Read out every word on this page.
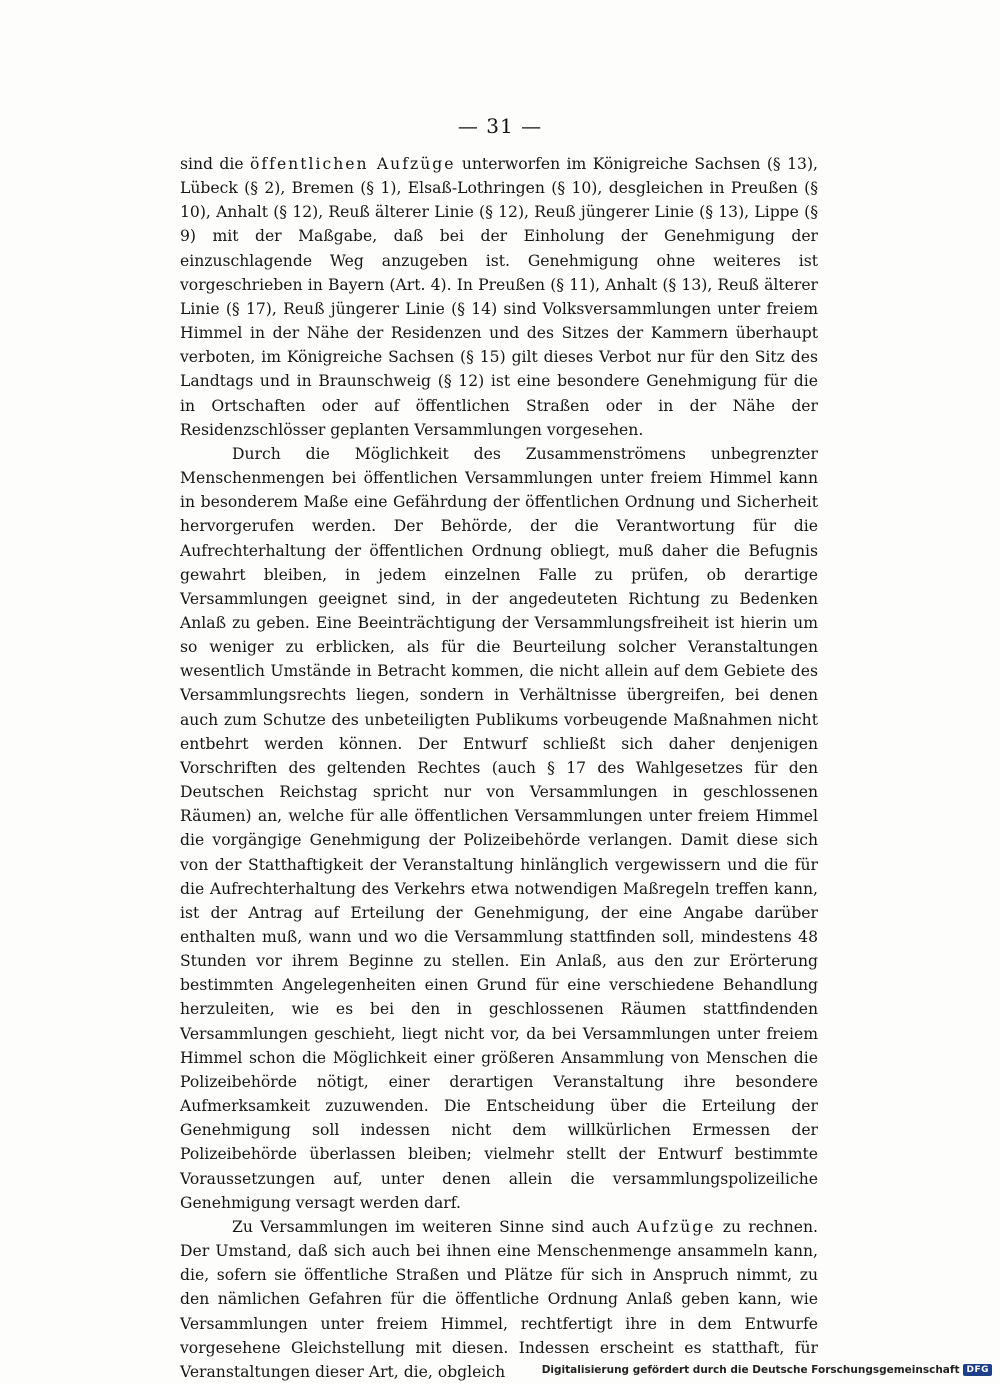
— 31 —

sind die öffentlichen Aufzüge unterworfen im Königreiche Sachsen (§ 13), Lübeck (§ 2), Bremen (§ 1), Elsaß-Lothringen (§ 10), desgleichen in Preußen (§ 10), Anhalt (§ 12), Reuß älterer Linie (§ 12), Reuß jüngerer Linie (§ 13), Lippe (§ 9) mit der Maßgabe, daß bei der Einholung der Genehmigung der einzuschlagende Weg anzugeben ist. Genehmigung ohne weiteres ist vorgeschrieben in Bayern (Art. 4). In Preußen (§ 11), Anhalt (§ 13), Reuß älterer Linie (§ 17), Reuß jüngerer Linie (§ 14) sind Volksversammlungen unter freiem Himmel in der Nähe der Residenzen und des Sitzes der Kammern überhaupt verboten, im Königreiche Sachsen (§ 15) gilt dieses Verbot nur für den Sitz des Landtags und in Braunschweig (§ 12) ist eine besondere Genehmigung für die in Ortschaften oder auf öffentlichen Straßen oder in der Nähe der Residenzschlösser geplanten Versammlungen vorgesehen.

Durch die Möglichkeit des Zusammenströmens unbegrenzter Menschenmengen bei öffentlichen Versammlungen unter freiem Himmel kann in besonderem Maße eine Gefährdung der öffentlichen Ordnung und Sicherheit hervorgerufen werden. Der Behörde, der die Verantwortung für die Aufrechterhaltung der öffentlichen Ordnung obliegt, muß daher die Befugnis gewahrt bleiben, in jedem einzelnen Falle zu prüfen, ob derartige Versammlungen geeignet sind, in der angedeuteten Richtung zu Bedenken Anlaß zu geben. Eine Beeinträchtigung der Versammlungsfreiheit ist hierin um so weniger zu erblicken, als für die Beurteilung solcher Veranstaltungen wesentlich Umstände in Betracht kommen, die nicht allein auf dem Gebiete des Versammlungsrechts liegen, sondern in Verhältnisse übergreifen, bei denen auch zum Schutze des unbeteiligten Publikums vorbeugende Maßnahmen nicht entbehrt werden können. Der Entwurf schließt sich daher denjenigen Vorschriften des geltenden Rechtes (auch § 17 des Wahlgesetzes für den Deutschen Reichstag spricht nur von Versammlungen in geschlossenen Räumen) an, welche für alle öffentlichen Versammlungen unter freiem Himmel die vorgängige Genehmigung der Polizeibehörde verlangen. Damit diese sich von der Statthaftigkeit der Veranstaltung hinlänglich vergewissern und die für die Aufrechterhaltung des Verkehrs etwa notwendigen Maßregeln treffen kann, ist der Antrag auf Erteilung der Genehmigung, der eine Angabe darüber enthalten muß, wann und wo die Versammlung stattfinden soll, mindestens 48 Stunden vor ihrem Beginne zu stellen. Ein Anlaß, aus den zur Erörterung bestimmten Angelegenheiten einen Grund für eine verschiedene Behandlung herzuleiten, wie es bei den in geschlossenen Räumen stattfindenden Versammlungen geschieht, liegt nicht vor, da bei Versammlungen unter freiem Himmel schon die Möglichkeit einer größeren Ansammlung von Menschen die Polizeibehörde nötigt, einer derartigen Veranstaltung ihre besondere Aufmerksamkeit zuzuwenden. Die Entscheidung über die Erteilung der Genehmigung soll indessen nicht dem willkürlichen Ermessen der Polizeibehörde überlassen bleiben; vielmehr stellt der Entwurf bestimmte Voraussetzungen auf, unter denen allein die versammlungspolizeiliche Genehmigung versagt werden darf.

Zu Versammlungen im weiteren Sinne sind auch Aufzüge zu rechnen. Der Umstand, daß sich auch bei ihnen eine Menschenmenge ansammeln kann, die, sofern sie öffentliche Straßen und Plätze für sich in Anspruch nimmt, zu den nämlichen Gefahren für die öffentliche Ordnung Anlaß geben kann, wie Versammlungen unter freiem Himmel, rechtfertigt ihre in dem Entwurfe vorgesehene Gleichstellung mit diesen. Indessen erscheint es statthaft, für Veranstaltungen dieser Art, die, obgleich	Digitalisierung gefördert durch die Deutsche Forschungsgemeinschaft DFG
